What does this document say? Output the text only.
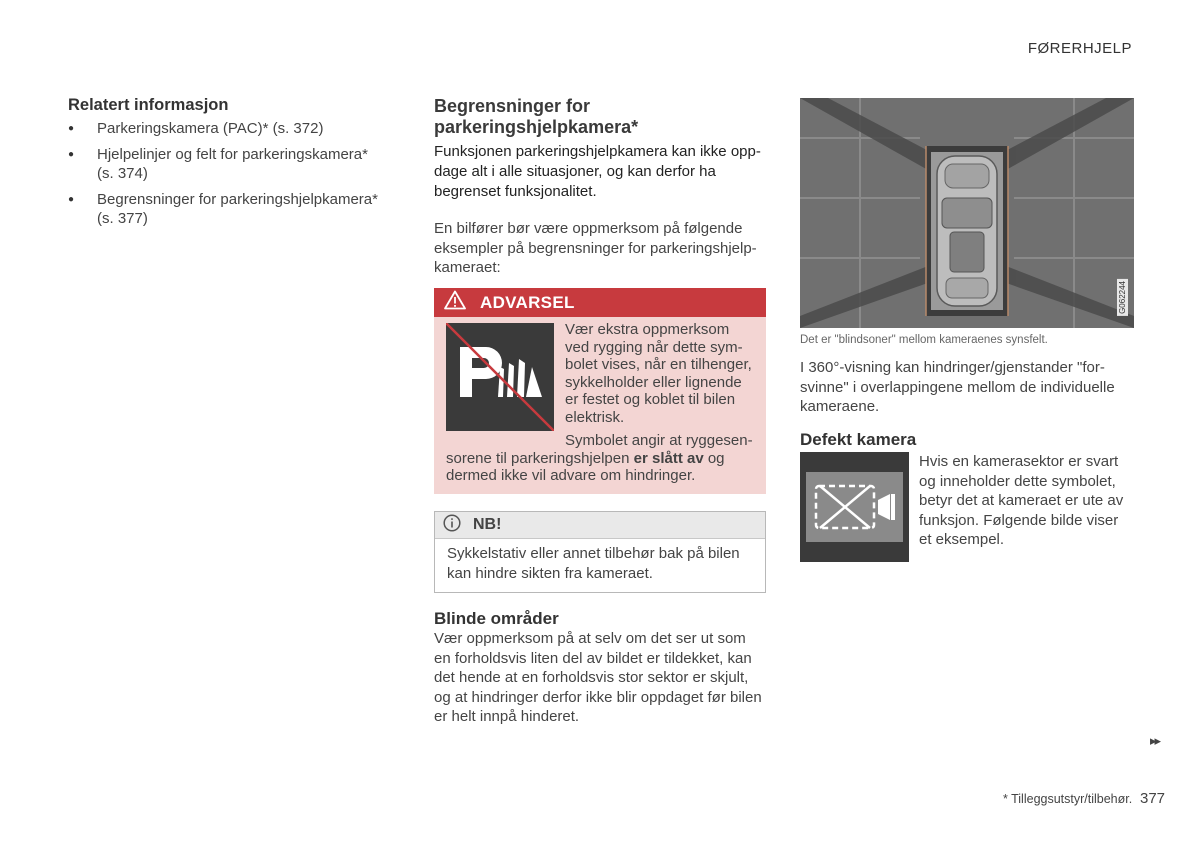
FØRERHJELP
Relatert informasjon
● Parkeringskamera (PAC)* (s. 372)
● Hjelpelinjer og felt for parkeringskamera* (s. 374)
● Begrensninger for parkeringshjelpkamera* (s. 377)
Begrensninger for parkeringshjelpkamera*

Funksjonen parkeringshjelpkamera kan ikke opp-dage alt i alle situasjoner, og kan derfor ha begrenset funksjonalitet.

En bilfører bør være oppmerksom på følgende eksempler på begrensninger for parkeringshjelp-kameraet:

ADVARSEL
Vær ekstra oppmerksom ved rygging når dette sym-bolet vises, når en tilhenger, sykkelholder eller lignende er festet og koblet til bilen elektrisk.
Symbolet angir at ryggesen-
sorene til parkeringshjelpen er slått av og dermed ikke vil advare om hindringer.
NB!
Sykkelstativ eller annet tilbehør bak på bilen kan hindre sikten fra kameraet.
Blinde områder

Vær oppmerksom på at selv om det ser ut som en forholdsvis liten del av bildet er tildekket, kan det hende at en forholdsvis stor sektor er skjult, og at hindringer derfor ikke blir oppdaget før bilen er helt innpå hinderet.

G062244
Det er "blindsoner" mellom kameraenes synsfelt.

I 360°-visning kan hindringer/gjenstander "for-svinne" i overlappingene mellom de individuelle kameraene.

Defekt kamera
Hvis en kamerasektor er svart og inneholder dette symbolet, betyr det at kameraet er ute av funksjon. Følgende bilde viser et eksempel.
▸▸
* Tilleggsutstyr/tilbehør. 377
